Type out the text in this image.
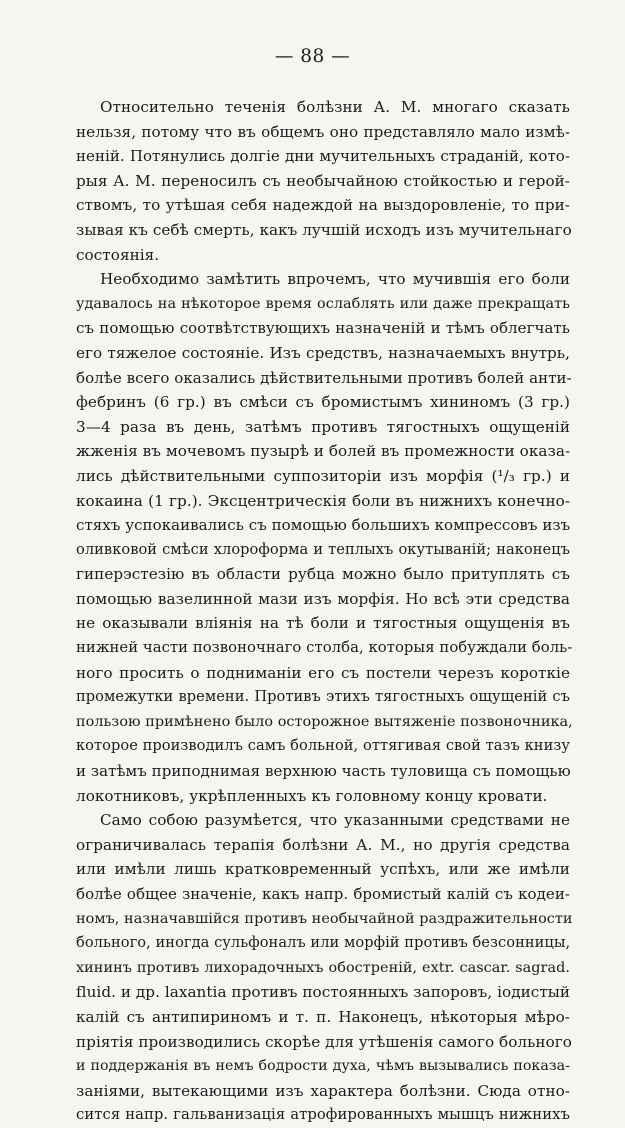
— 88 —
Относительно теченія болѣзни А. М. многаго сказать
нельзя, потому что въ общемъ оно представляло мало измѣ-
неній. Потянулись долгіе дни мучительныхъ страданій, кото-
рыя А. М. переносилъ съ необычайною стойкостью и герой-
ствомъ, то утѣшая себя надеждой на выздоровленіе, то при-
зывая къ себѣ смерть, какъ лучшій исходъ изъ мучительнаго
состоянія.
Необходимо замѣтить впрочемъ, что мучившія его боли
удавалось на нѣкоторое время ослаблять или даже прекращать
съ помощью соотвѣтствующихъ назначеній и тѣмъ облегчать
его тяжелое состояніе. Изъ средствъ, назначаемыхъ внутрь,
болѣе всего оказались дѣйствительными противъ болей анти-
фебринъ (6 гр.) въ смѣси съ бромистымъ хининомъ (3 гр.)
3—4 раза въ день, затѣмъ противъ тягостныхъ ощущеній
жженія въ мочевомъ пузырѣ и болей въ промежности оказа-
лись дѣйствительными суппозиторіи изъ морфія (¹/₃ гр.) и
кокаина (1 гр.). Эксцентрическія боли въ нижнихъ конечно-
стяхъ успокаивались съ помощью большихъ компрессовъ изъ
оливковой смѣси хлороформа и теплыхъ окутываній; наконецъ
гиперэстезію въ области рубца можно было притуплять съ
помощью вазелинной мази изъ морфія. Но всѣ эти средства
не оказывали вліянія на тѣ боли и тягостныя ощущенія въ
нижней части позвоночнаго столба, которыя побуждали боль-
ного просить о подниманіи его съ постели черезъ короткіе
промежутки времени. Противъ этихъ тягостныхъ ощущеній съ
пользою примѣнено было осторожное вытяженіе позвоночника,
которое производилъ самъ больной, оттягивая свой тазъ книзу
и затѣмъ приподнимая верхнюю часть туловища съ помощью
локотниковъ, укрѣпленныхъ къ головному концу кровати.
Само собою разумѣется, что указанными средствами не
ограничивалась терапія болѣзни А. М., но другія средства
или имѣли лишь кратковременный успѣхъ, или же имѣли
болѣе общее значеніе, какъ напр. бромистый калій съ кодеи-
номъ, назначавшійся противъ необычайной раздражительности
больного, иногда сульфоналъ или морфій противъ безсонницы,
хининъ противъ лихорадочныхъ обостреній, extr. cascar. sagrad.
fluid. и др. laxantia противъ постоянныхъ запоровъ, іодистый
калій съ антипириномъ и т. п. Наконецъ, нѣкоторыя мѣро-
пріятія производились скорѣе для утѣшенія самого больного
и поддержанія въ немъ бодрости духа, чѣмъ вызывались показа-
заніями, вытекающими изъ характера болѣзни. Сюда отно-
сится напр. гальванизація атрофированныхъ мышцъ нижнихъ
